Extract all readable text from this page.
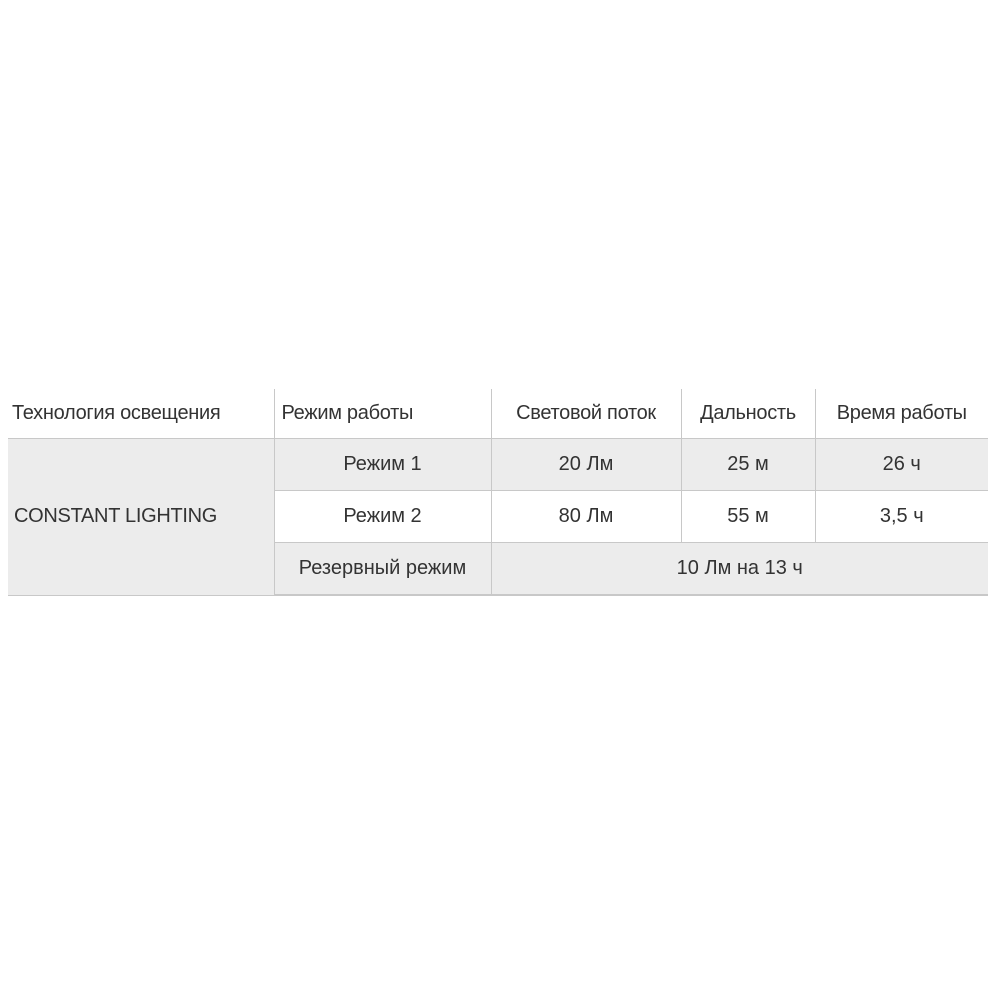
Технология освещения	Режим работы	Световой поток	Дальность	Время работы
CONSTANT LIGHTING	Режим 1	20 Лм	25 м	26 ч
	Режим 2	80 Лм	55 м	3,5 ч
	Резервный режим	10 Лм на 13 ч		
